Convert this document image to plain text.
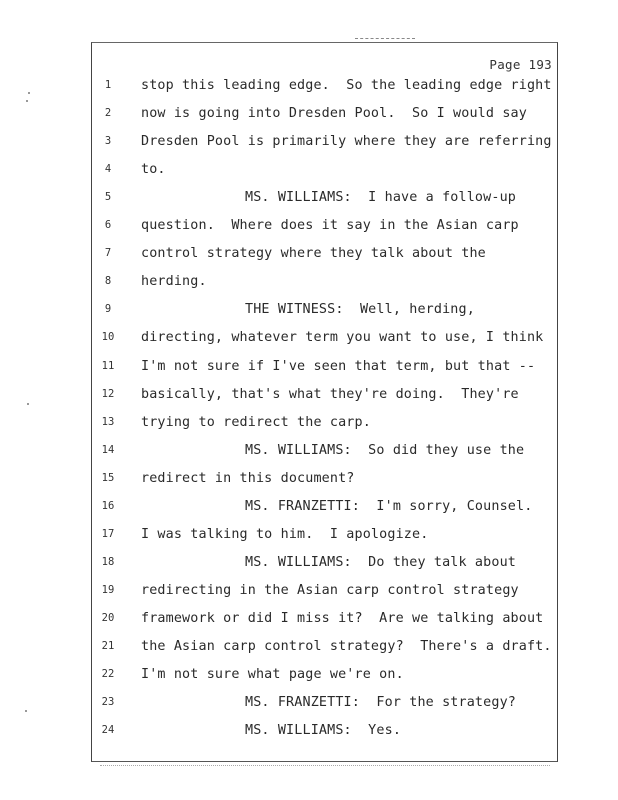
Page 193
1	stop this leading edge.  So the leading edge right
2	now is going into Dresden Pool.  So I would say
3	Dresden Pool is primarily where they are referring
4	to.
5	MS. WILLIAMS:  I have a follow-up
6	question.  Where does it say in the Asian carp
7	control strategy where they talk about the
8	herding.
9	THE WITNESS:  Well, herding,
10 directing, whatever term you want to use, I think
11 I'm not sure if I've seen that term, but that --
12 basically, that's what they're doing.  They're
13 trying to redirect the carp.
14	MS. WILLIAMS:  So did they use the
15 redirect in this document?
16	MS. FRANZETTI:  I'm sorry, Counsel.
17 I was talking to him.  I apologize.
18	MS. WILLIAMS:  Do they talk about
19 redirecting in the Asian carp control strategy
20 framework or did I miss it?  Are we talking about
21 the Asian carp control strategy?  There's a draft.
22 I'm not sure what page we're on.
23	MS. FRANZETTI:  For the strategy?
24	MS. WILLIAMS:  Yes.
